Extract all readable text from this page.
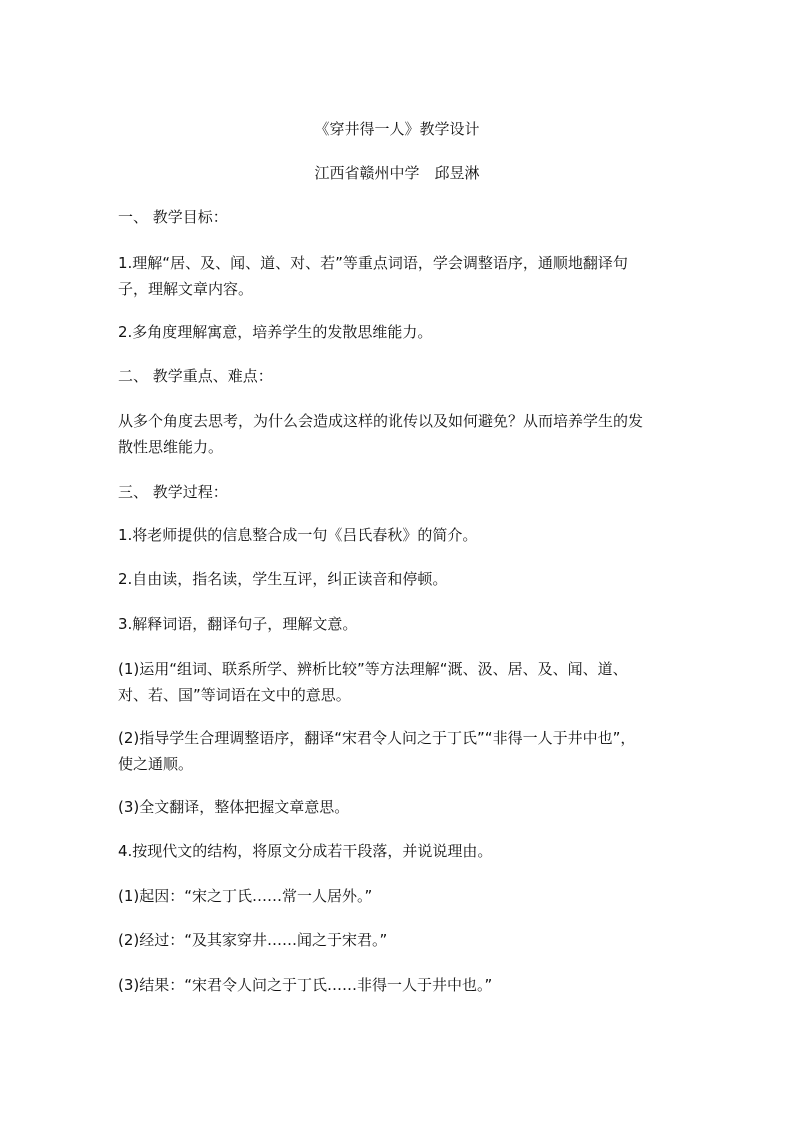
《穿井得一人》教学设计
江西省赣州中学　邱昱淋
一、 教学目标：
1.理解“居、及、闻、道、对、若”等重点词语，学会调整语序，通顺地翻译句
子，理解文章内容。
2.多角度理解寓意，培养学生的发散思维能力。
二、 教学重点、难点：
从多个角度去思考，为什么会造成这样的讹传以及如何避免？从而培养学生的发
散性思维能力。
三、 教学过程：
1.将老师提供的信息整合成一句《吕氏春秋》的简介。
2.自由读，指名读，学生互评，纠正读音和停顿。
3.解释词语，翻译句子，理解文意。
(1)运用“组词、联系所学、辨析比较”等方法理解“溉、汲、居、及、闻、道、
对、若、国”等词语在文中的意思。
(2)指导学生合理调整语序，翻译“宋君令人问之于丁氏”“非得一人于井中也”，
使之通顺。
(3)全文翻译，整体把握文章意思。
4.按现代文的结构，将原文分成若干段落，并说说理由。
(1)起因：“宋之丁氏……常一人居外。”
(2)经过：“及其家穿井……闻之于宋君。”
(3)结果：“宋君令人问之于丁氏……非得一人于井中也。”
